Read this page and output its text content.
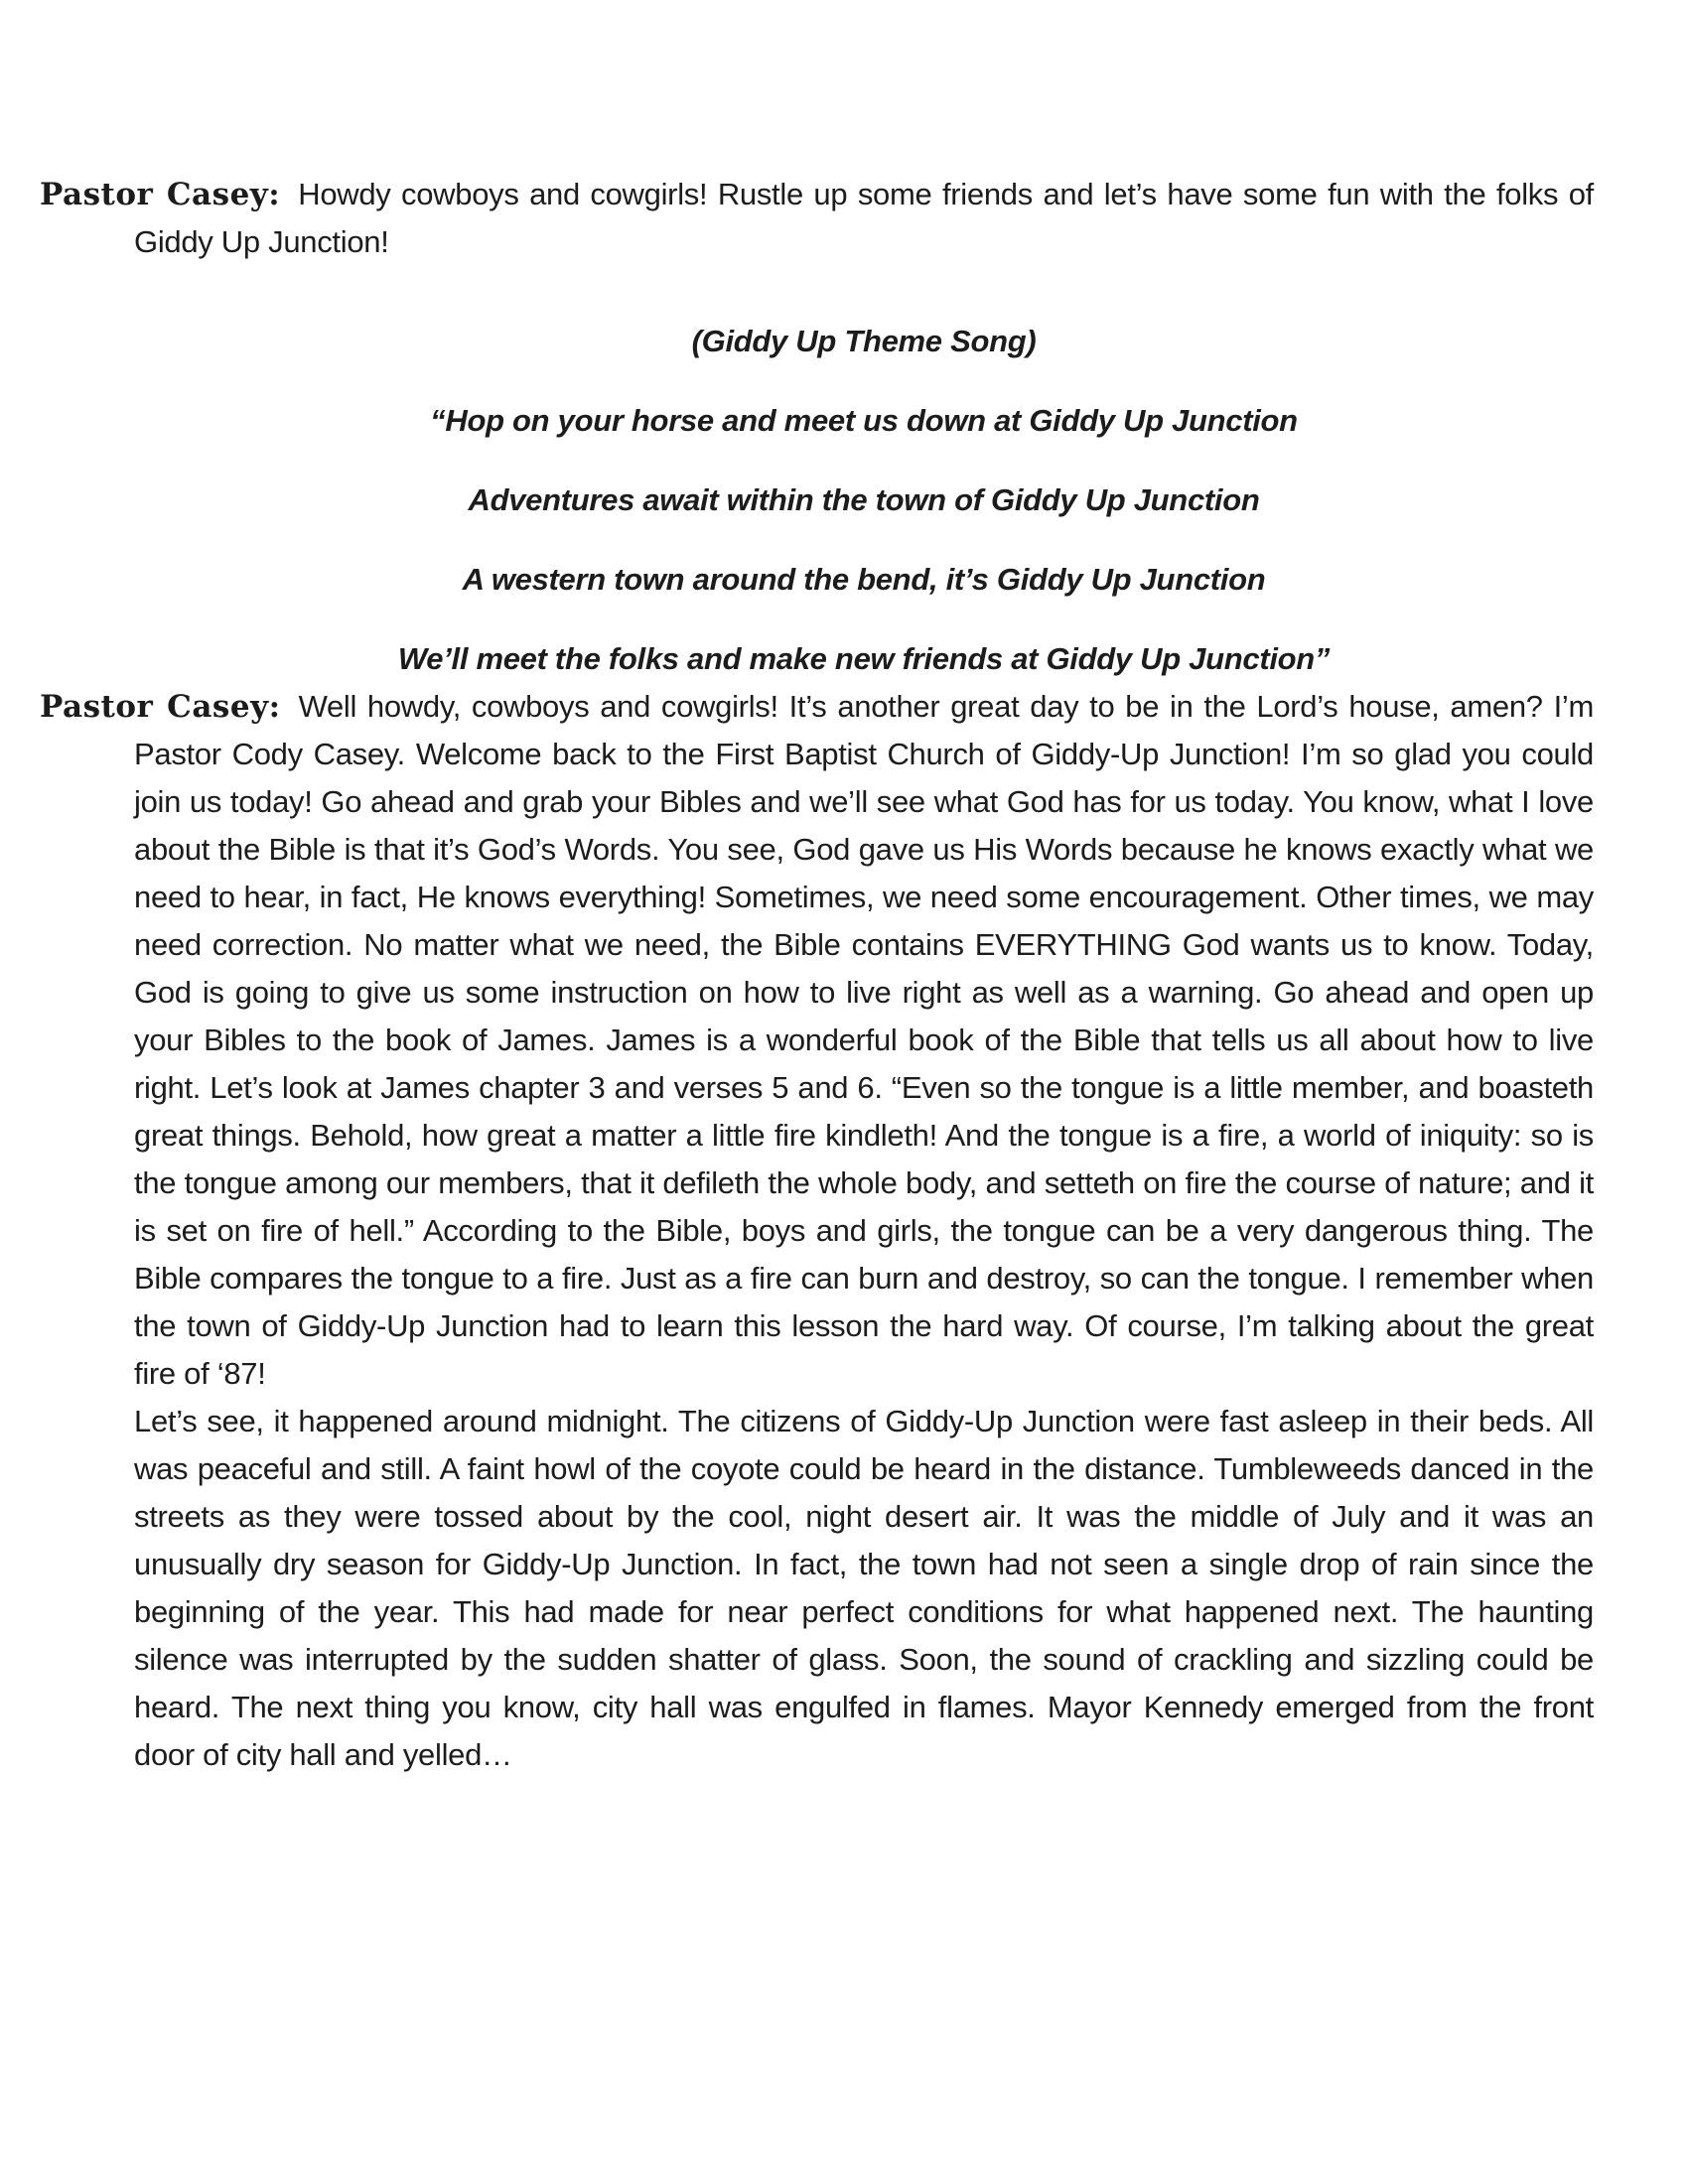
Pastor Casey: Howdy cowboys and cowgirls! Rustle up some friends and let’s have some fun with the folks of Giddy Up Junction!

(Giddy Up Theme Song)

“Hop on your horse and meet us down at Giddy Up Junction

Adventures await within the town of Giddy Up Junction

A western town around the bend, it’s Giddy Up Junction

We’ll meet the folks and make new friends at Giddy Up Junction”

Pastor Casey: Well howdy, cowboys and cowgirls! It’s another great day to be in the Lord’s house, amen? I’m Pastor Cody Casey. Welcome back to the First Baptist Church of Giddy-Up Junction! I’m so glad you could join us today! Go ahead and grab your Bibles and we’ll see what God has for us today. You know, what I love about the Bible is that it’s God’s Words. You see, God gave us His Words because he knows exactly what we need to hear, in fact, He knows everything! Sometimes, we need some encouragement. Other times, we may need correction. No matter what we need, the Bible contains EVERYTHING God wants us to know. Today, God is going to give us some instruction on how to live right as well as a warning. Go ahead and open up your Bibles to the book of James. James is a wonderful book of the Bible that tells us all about how to live right. Let’s look at James chapter 3 and verses 5 and 6. “Even so the tongue is a little member, and boasteth great things. Behold, how great a matter a little fire kindleth! And the tongue is a fire, a world of iniquity: so is the tongue among our members, that it defileth the whole body, and setteth on fire the course of nature; and it is set on fire of hell.” According to the Bible, boys and girls, the tongue can be a very dangerous thing. The Bible compares the tongue to a fire. Just as a fire can burn and destroy, so can the tongue. I remember when the town of Giddy-Up Junction had to learn this lesson the hard way. Of course, I’m talking about the great fire of ‘87!

Let’s see, it happened around midnight. The citizens of Giddy-Up Junction were fast asleep in their beds. All was peaceful and still. A faint howl of the coyote could be heard in the distance. Tumbleweeds danced in the streets as they were tossed about by the cool, night desert air. It was the middle of July and it was an unusually dry season for Giddy-Up Junction. In fact, the town had not seen a single drop of rain since the beginning of the year. This had made for near perfect conditions for what happened next. The haunting silence was interrupted by the sudden shatter of glass. Soon, the sound of crackling and sizzling could be heard. The next thing you know, city hall was engulfed in flames. Mayor Kennedy emerged from the front door of city hall and yelled…
